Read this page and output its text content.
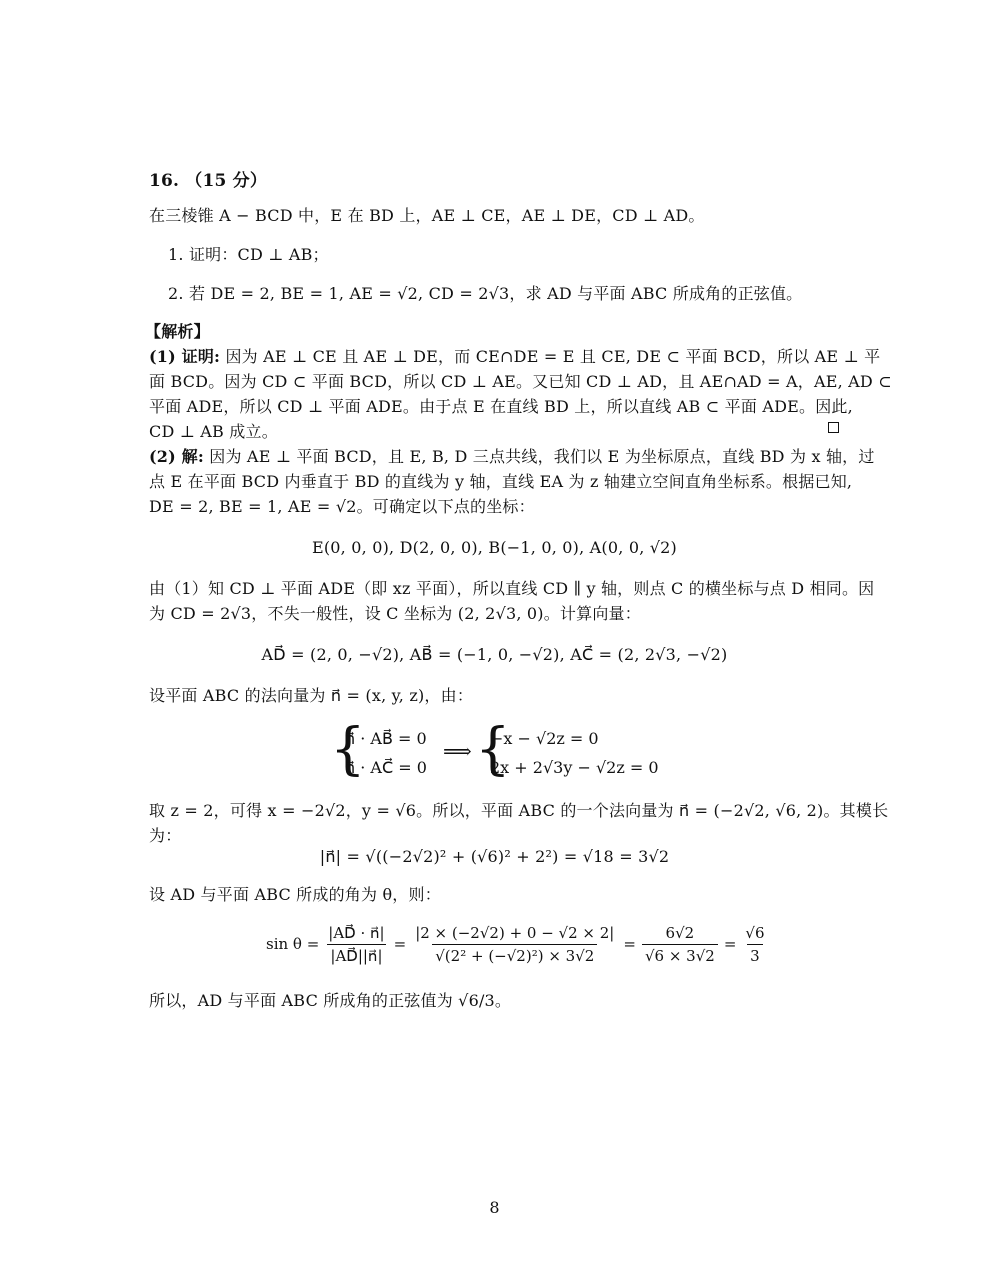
16. （15 分）
在三棱锥 A − BCD 中，E 在 BD 上，AE ⊥ CE，AE ⊥ DE，CD ⊥ AD。
1. 证明：CD ⊥ AB；
2. 若 DE = 2, BE = 1, AE = √2, CD = 2√3，求 AD 与平面 ABC 所成角的正弦值。
【解析】
(1) 证明: 因为 AE ⊥ CE 且 AE ⊥ DE，而 CE∩DE = E 且 CE, DE ⊂ 平面 BCD，所以 AE ⊥ 平
面 BCD。因为 CD ⊂ 平面 BCD，所以 CD ⊥ AE。又已知 CD ⊥ AD，且 AE∩AD = A，AE, AD ⊂
平面 ADE，所以 CD ⊥ 平面 ADE。由于点 E 在直线 BD 上，所以直线 AB ⊂ 平面 ADE。因此,
CD ⊥ AB 成立。
(2) 解: 因为 AE ⊥ 平面 BCD，且 E, B, D 三点共线，我们以 E 为坐标原点，直线 BD 为 x 轴，过
点 E 在平面 BCD 内垂直于 BD 的直线为 y 轴，直线 EA 为 z 轴建立空间直角坐标系。根据已知,
DE = 2, BE = 1, AE = √2。可确定以下点的坐标：
E(0, 0, 0), D(2, 0, 0), B(−1, 0, 0), A(0, 0, √2)
由（1）知 CD ⊥ 平面 ADE（即 xz 平面），所以直线 CD ∥ y 轴，则点 C 的横坐标与点 D 相同。因
为 CD = 2√3，不失一般性，设 C 坐标为 (2, 2√3, 0)。计算向量：
AD⃗ = (2, 0, −√2), AB⃗ = (−1, 0, −√2), AC⃗ = (2, 2√3, −√2)
设平面 ABC 的法向量为 n⃗ = (x, y, z)，由：
{
n⃗ · AB⃗ = 0
n⃗ · AC⃗ = 0
⟹ {
−x − √2z = 0
2x + 2√3y − √2z = 0
取 z = 2，可得 x = −2√2，y = √6。所以，平面 ABC 的一个法向量为 n⃗ = (−2√2, √6, 2)。其模长
为：
|n⃗| = √((−2√2)² + (√6)² + 2²) = √18 = 3√2
设 AD 与平面 ABC 所成的角为 θ，则：
$\sin \theta = \frac{|AD⃗ \cdot n⃗|}{|AD⃗||n⃗|} = \frac{|2 \times (-2√2) + 0 - √2 \times 2|}{\text{√(2² + (−√2)²) × 3√2}} = \frac{6√2}{√6 \times 3√2} = \frac{√6}{3}$
所以，AD 与平面 ABC 所成角的正弦值为 √6/3。
8
